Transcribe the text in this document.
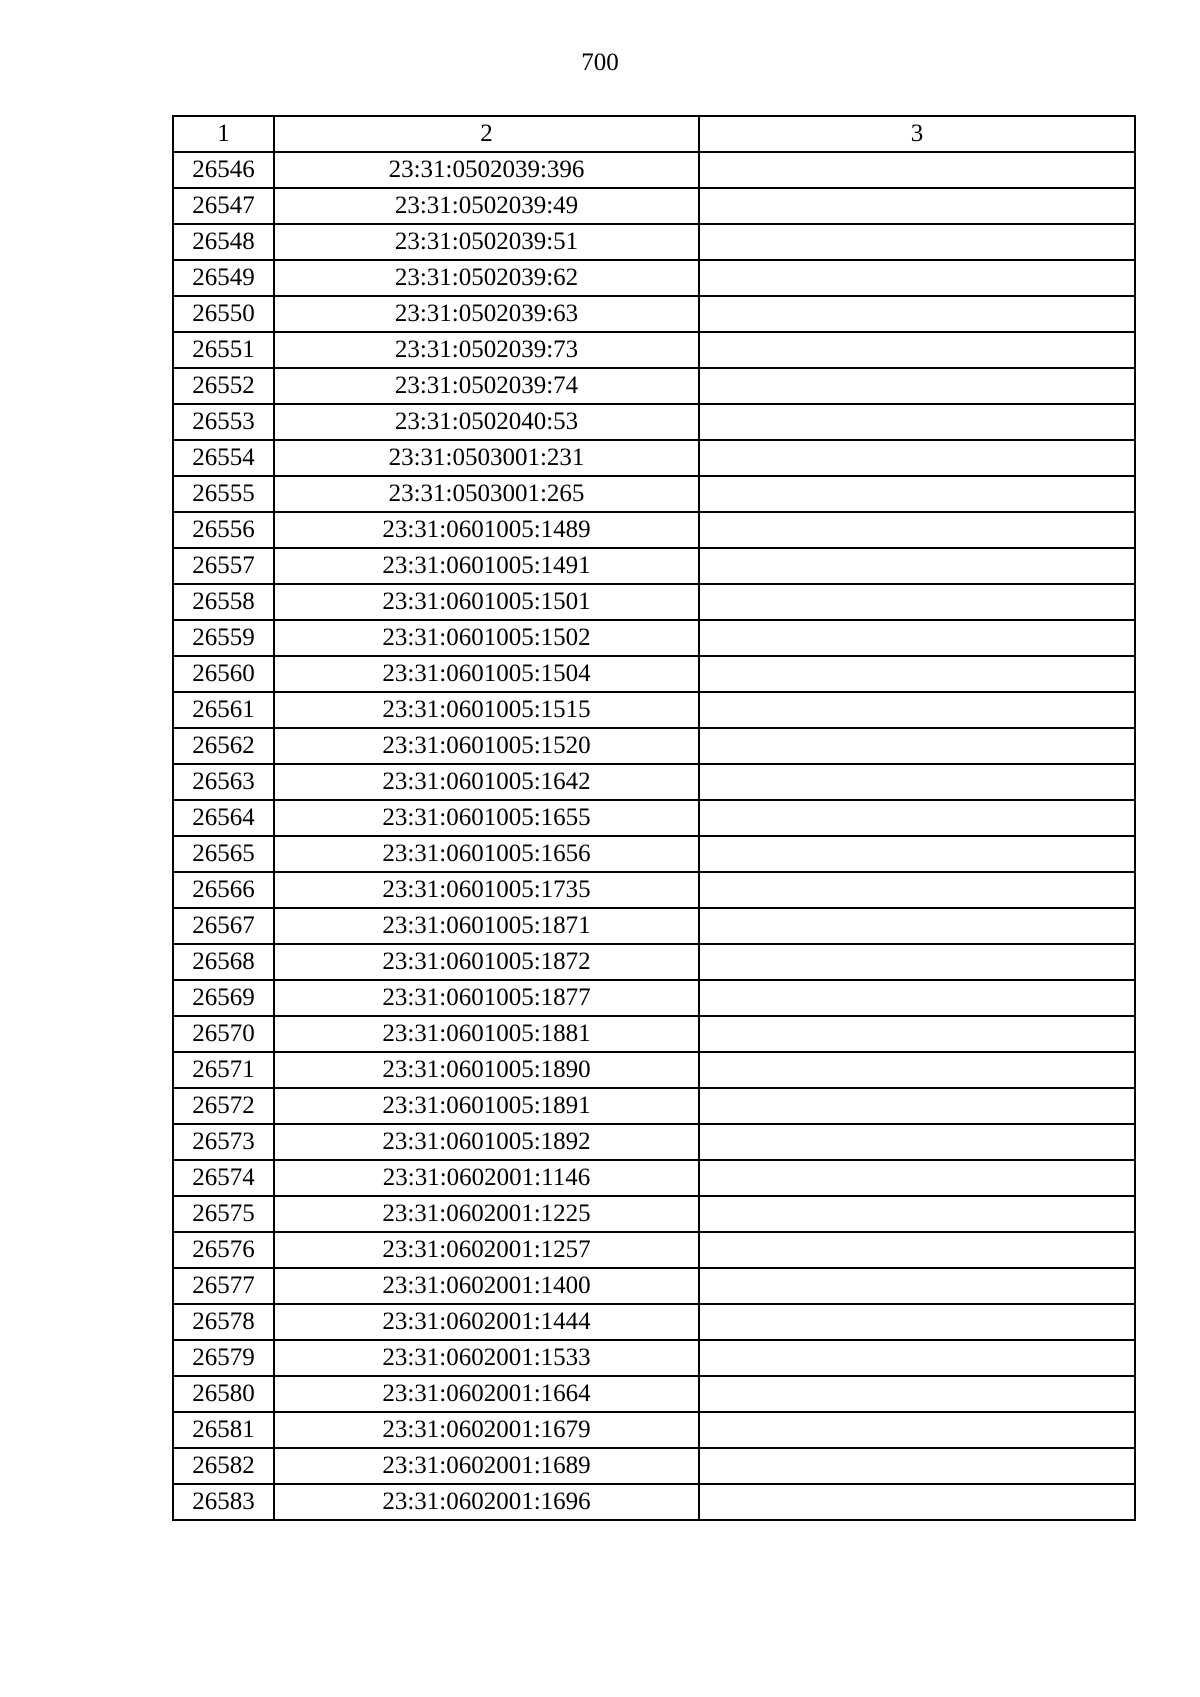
700
1	2	3
26546	23:31:0502039:396	
26547	23:31:0502039:49	
26548	23:31:0502039:51	
26549	23:31:0502039:62	
26550	23:31:0502039:63	
26551	23:31:0502039:73	
26552	23:31:0502039:74	
26553	23:31:0502040:53	
26554	23:31:0503001:231	
26555	23:31:0503001:265	
26556	23:31:0601005:1489	
26557	23:31:0601005:1491	
26558	23:31:0601005:1501	
26559	23:31:0601005:1502	
26560	23:31:0601005:1504	
26561	23:31:0601005:1515	
26562	23:31:0601005:1520	
26563	23:31:0601005:1642	
26564	23:31:0601005:1655	
26565	23:31:0601005:1656	
26566	23:31:0601005:1735	
26567	23:31:0601005:1871	
26568	23:31:0601005:1872	
26569	23:31:0601005:1877	
26570	23:31:0601005:1881	
26571	23:31:0601005:1890	
26572	23:31:0601005:1891	
26573	23:31:0601005:1892	
26574	23:31:0602001:1146	
26575	23:31:0602001:1225	
26576	23:31:0602001:1257	
26577	23:31:0602001:1400	
26578	23:31:0602001:1444	
26579	23:31:0602001:1533	
26580	23:31:0602001:1664	
26581	23:31:0602001:1679	
26582	23:31:0602001:1689	
26583	23:31:0602001:1696	
